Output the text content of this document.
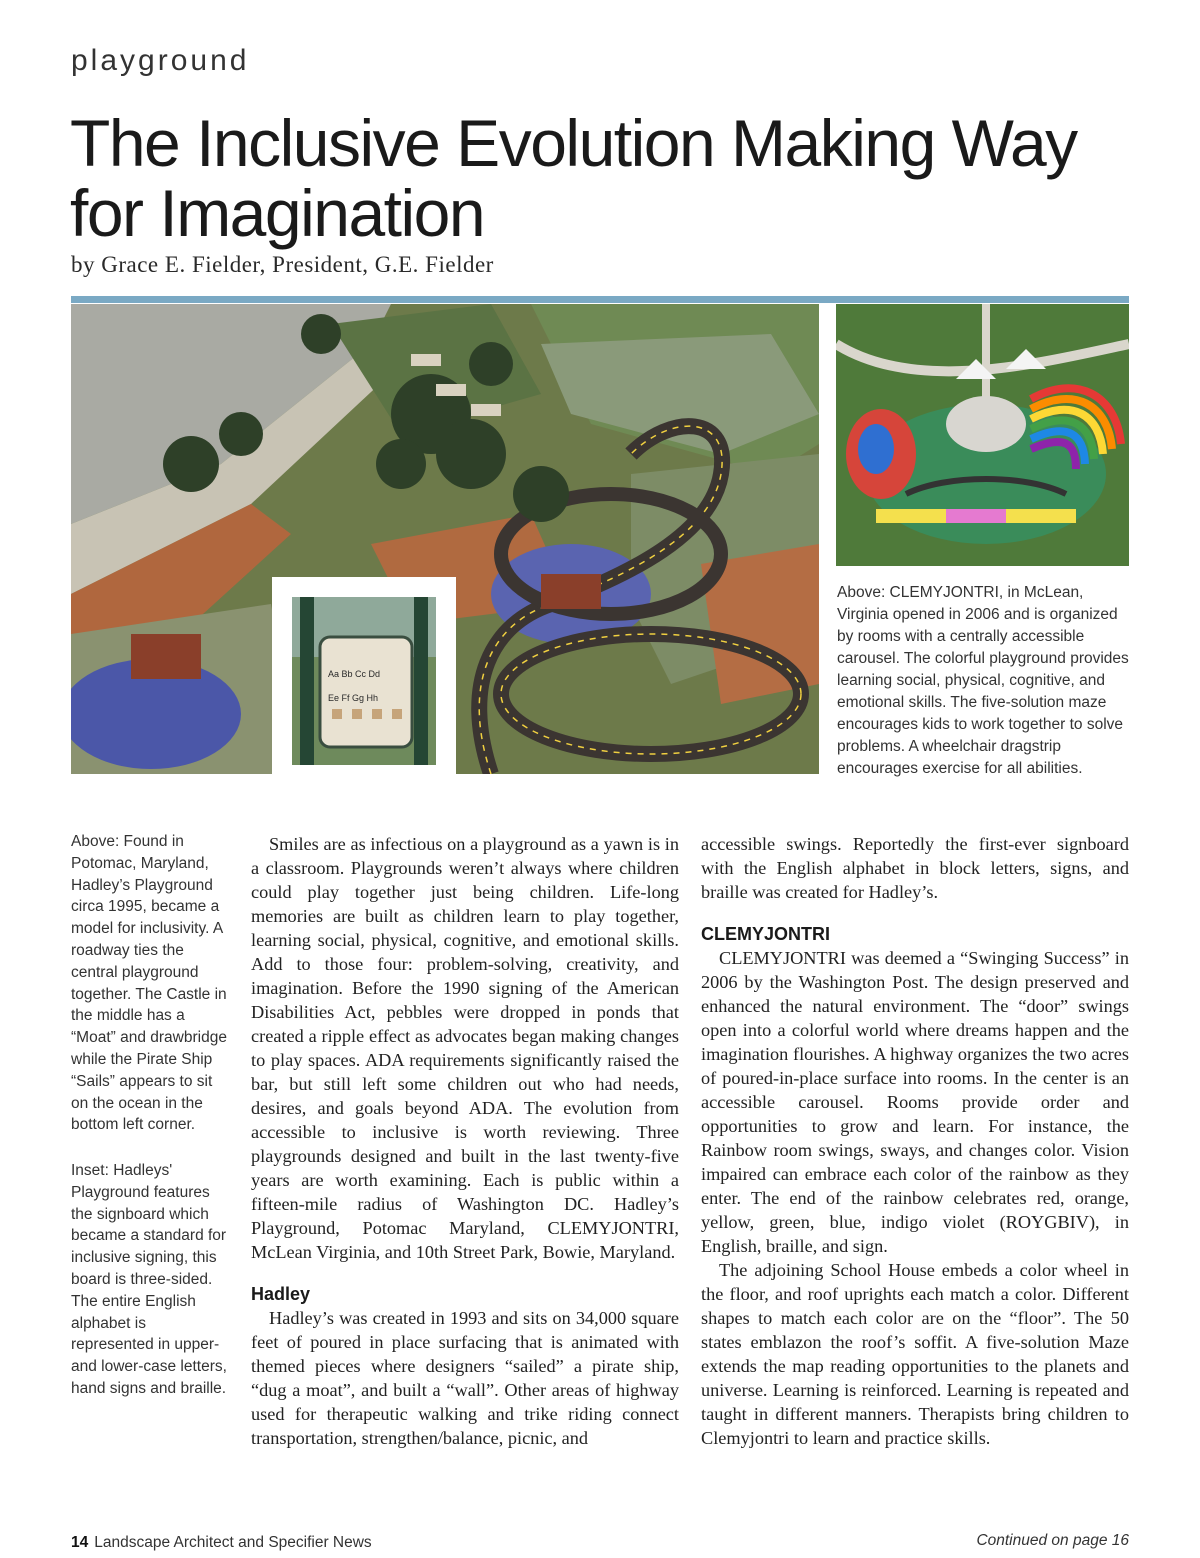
playground
The Inclusive Evolution Making Way for Imagination
by Grace E. Fielder, President, G.E. Fielder
Aa Bb Cc Dd
Ee Ff Gg Hh
Above: CLEMYJONTRI, in McLean, Virginia opened in 2006 and is organized by rooms with a centrally accessible carousel. The colorful playground provides learning social, physical, cognitive, and emotional skills. The five-solution maze encourages kids to work together to solve problems. A wheelchair dragstrip encourages exercise for all abilities.
Above: Found in Potomac, Maryland, Hadley’s Playground circa 1995, became a model for inclusivity. A roadway ties the central playground together. The Castle in the middle has a “Moat” and drawbridge while the Pirate Ship “Sails” appears to sit on the ocean in the bottom left corner.
Inset: Hadleys' Playground features the signboard which became a standard for inclusive signing, this board is three-sided. The entire English alphabet is represented in upper- and lower-case letters, hand signs and braille.

Smiles are as infectious on a playground as a yawn is in a classroom. Playgrounds weren’t always where children could play together just being children. Life-long memories are built as children learn to play together, learning social, physical, cognitive, and emotional skills. Add to those four: problem-solving, creativity, and imagination. Before the 1990 signing of the American Disabilities Act, pebbles were dropped in ponds that created a ripple effect as advocates began making changes to play spaces. ADA requirements significantly raised the bar, but still left some children out who had needs, desires, and goals beyond ADA. The evolution from accessible to inclusive is worth reviewing. Three playgrounds designed and built in the last twenty-five years are worth examining. Each is public within a fifteen-mile radius of Washington DC. Hadley’s Playground, Potomac Maryland, CLEMYJONTRI, McLean Virginia, and 10th Street Park, Bowie, Maryland.

Hadley

Hadley’s was created in 1993 and sits on 34,000 square feet of poured in place surfacing that is animated with themed pieces where designers “sailed” a pirate ship, “dug a moat”, and built a “wall”. Other areas of highway used for therapeutic walking and trike riding connect transportation, strengthen/balance, picnic, and

accessible swings. Reportedly the first-ever signboard with the English alphabet in block letters, signs, and braille was created for Hadley’s.

CLEMYJONTRI

CLEMYJONTRI was deemed a “Swinging Success” in 2006 by the Washington Post. The design preserved and enhanced the natural environment. The “door” swings open into a colorful world where dreams happen and the imagination flourishes. A highway organizes the two acres of poured-in-place surface into rooms. In the center is an accessible carousel. Rooms provide order and opportunities to grow and learn. For instance, the Rainbow room swings, sways, and changes color. Vision impaired can embrace each color of the rainbow as they enter. The end of the rainbow celebrates red, orange, yellow, green, blue, indigo violet (ROYGBIV), in English, braille, and sign.

The adjoining School House embeds a color wheel in the floor, and roof uprights each match a color. Different shapes to match each color are on the “floor”. The 50 states emblazon the roof’s soffit. A five-solution Maze extends the map reading opportunities to the planets and universe. Learning is reinforced. Learning is repeated and taught in different manners. Therapists bring children to Clemyjontri to learn and practice skills.

14 Landscape Architect and Specifier News	Continued on page 16
